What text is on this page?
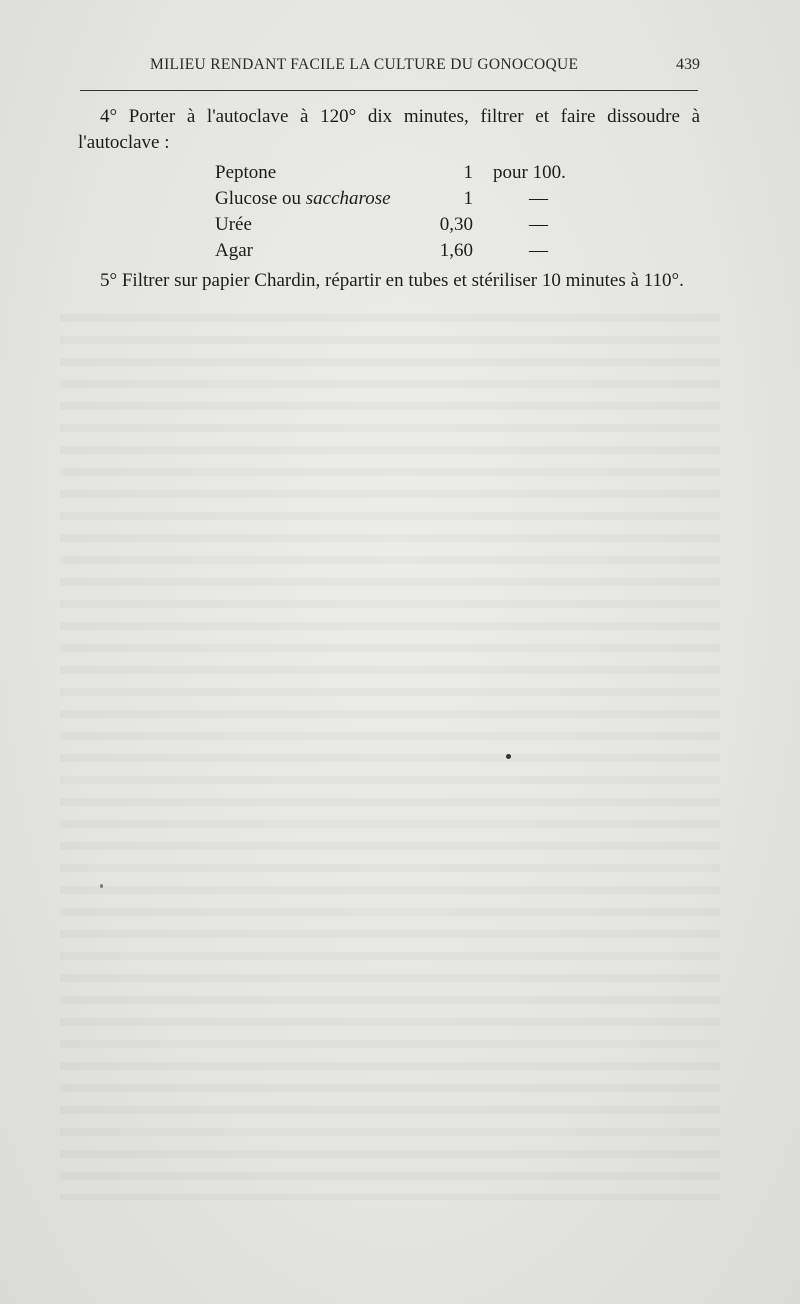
MILIEU RENDANT FACILE LA CULTURE DU GONOCOQUE	439

4° Porter à l'autoclave à 120° dix minutes, filtrer et faire dissoudre à l'autoclave :

Peptone	1	pour 100.
Glucose ou saccharose	1	—
Urée	0,30	—
Agar	1,60	—

5° Filtrer sur papier Chardin, répartir en tubes et stériliser 10 minutes à 110°.
